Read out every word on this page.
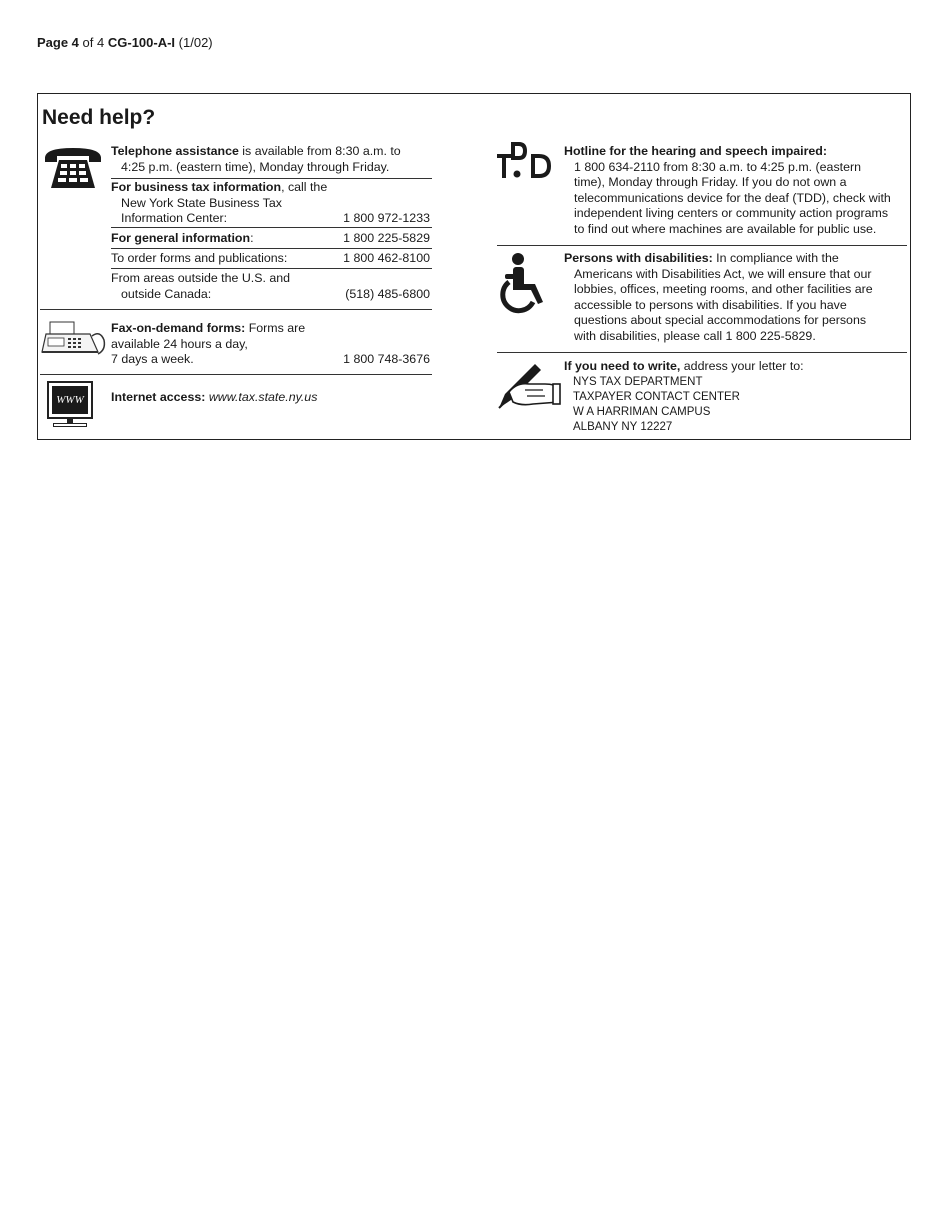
Page 4 of 4 CG-100-A-I (1/02)
Need help?
Telephone assistance is available from 8:30 a.m. to
4:25 p.m. (eastern time), Monday through Friday.
For business tax information, call the
New York State Business Tax
Information Center:	1 800 972-1233
For general information:	1 800 225-5829
To order forms and publications:	1 800 462-8100
From areas outside the U.S. and
outside Canada:	(518) 485-6800
Fax-on-demand forms: Forms are
available 24 hours a day,
7 days a week.	1 800 748-3676
WWW	Internet access: www.tax.state.ny.us
Hotline for the hearing and speech impaired:
1 800 634-2110 from 8:30 a.m. to 4:25 p.m. (eastern
time), Monday through Friday. If you do not own a
telecommunications device for the deaf (TDD), check with
independent living centers or community action programs
to find out where machines are available for public use.
Persons with disabilities: In compliance with the
Americans with Disabilities Act, we will ensure that our
lobbies, offices, meeting rooms, and other facilities are
accessible to persons with disabilities. If you have
questions about special accommodations for persons
with disabilities, please call 1 800 225-5829.
If you need to write, address your letter to:
NYS TAX DEPARTMENT
TAXPAYER CONTACT CENTER
W A HARRIMAN CAMPUS
ALBANY NY 12227
